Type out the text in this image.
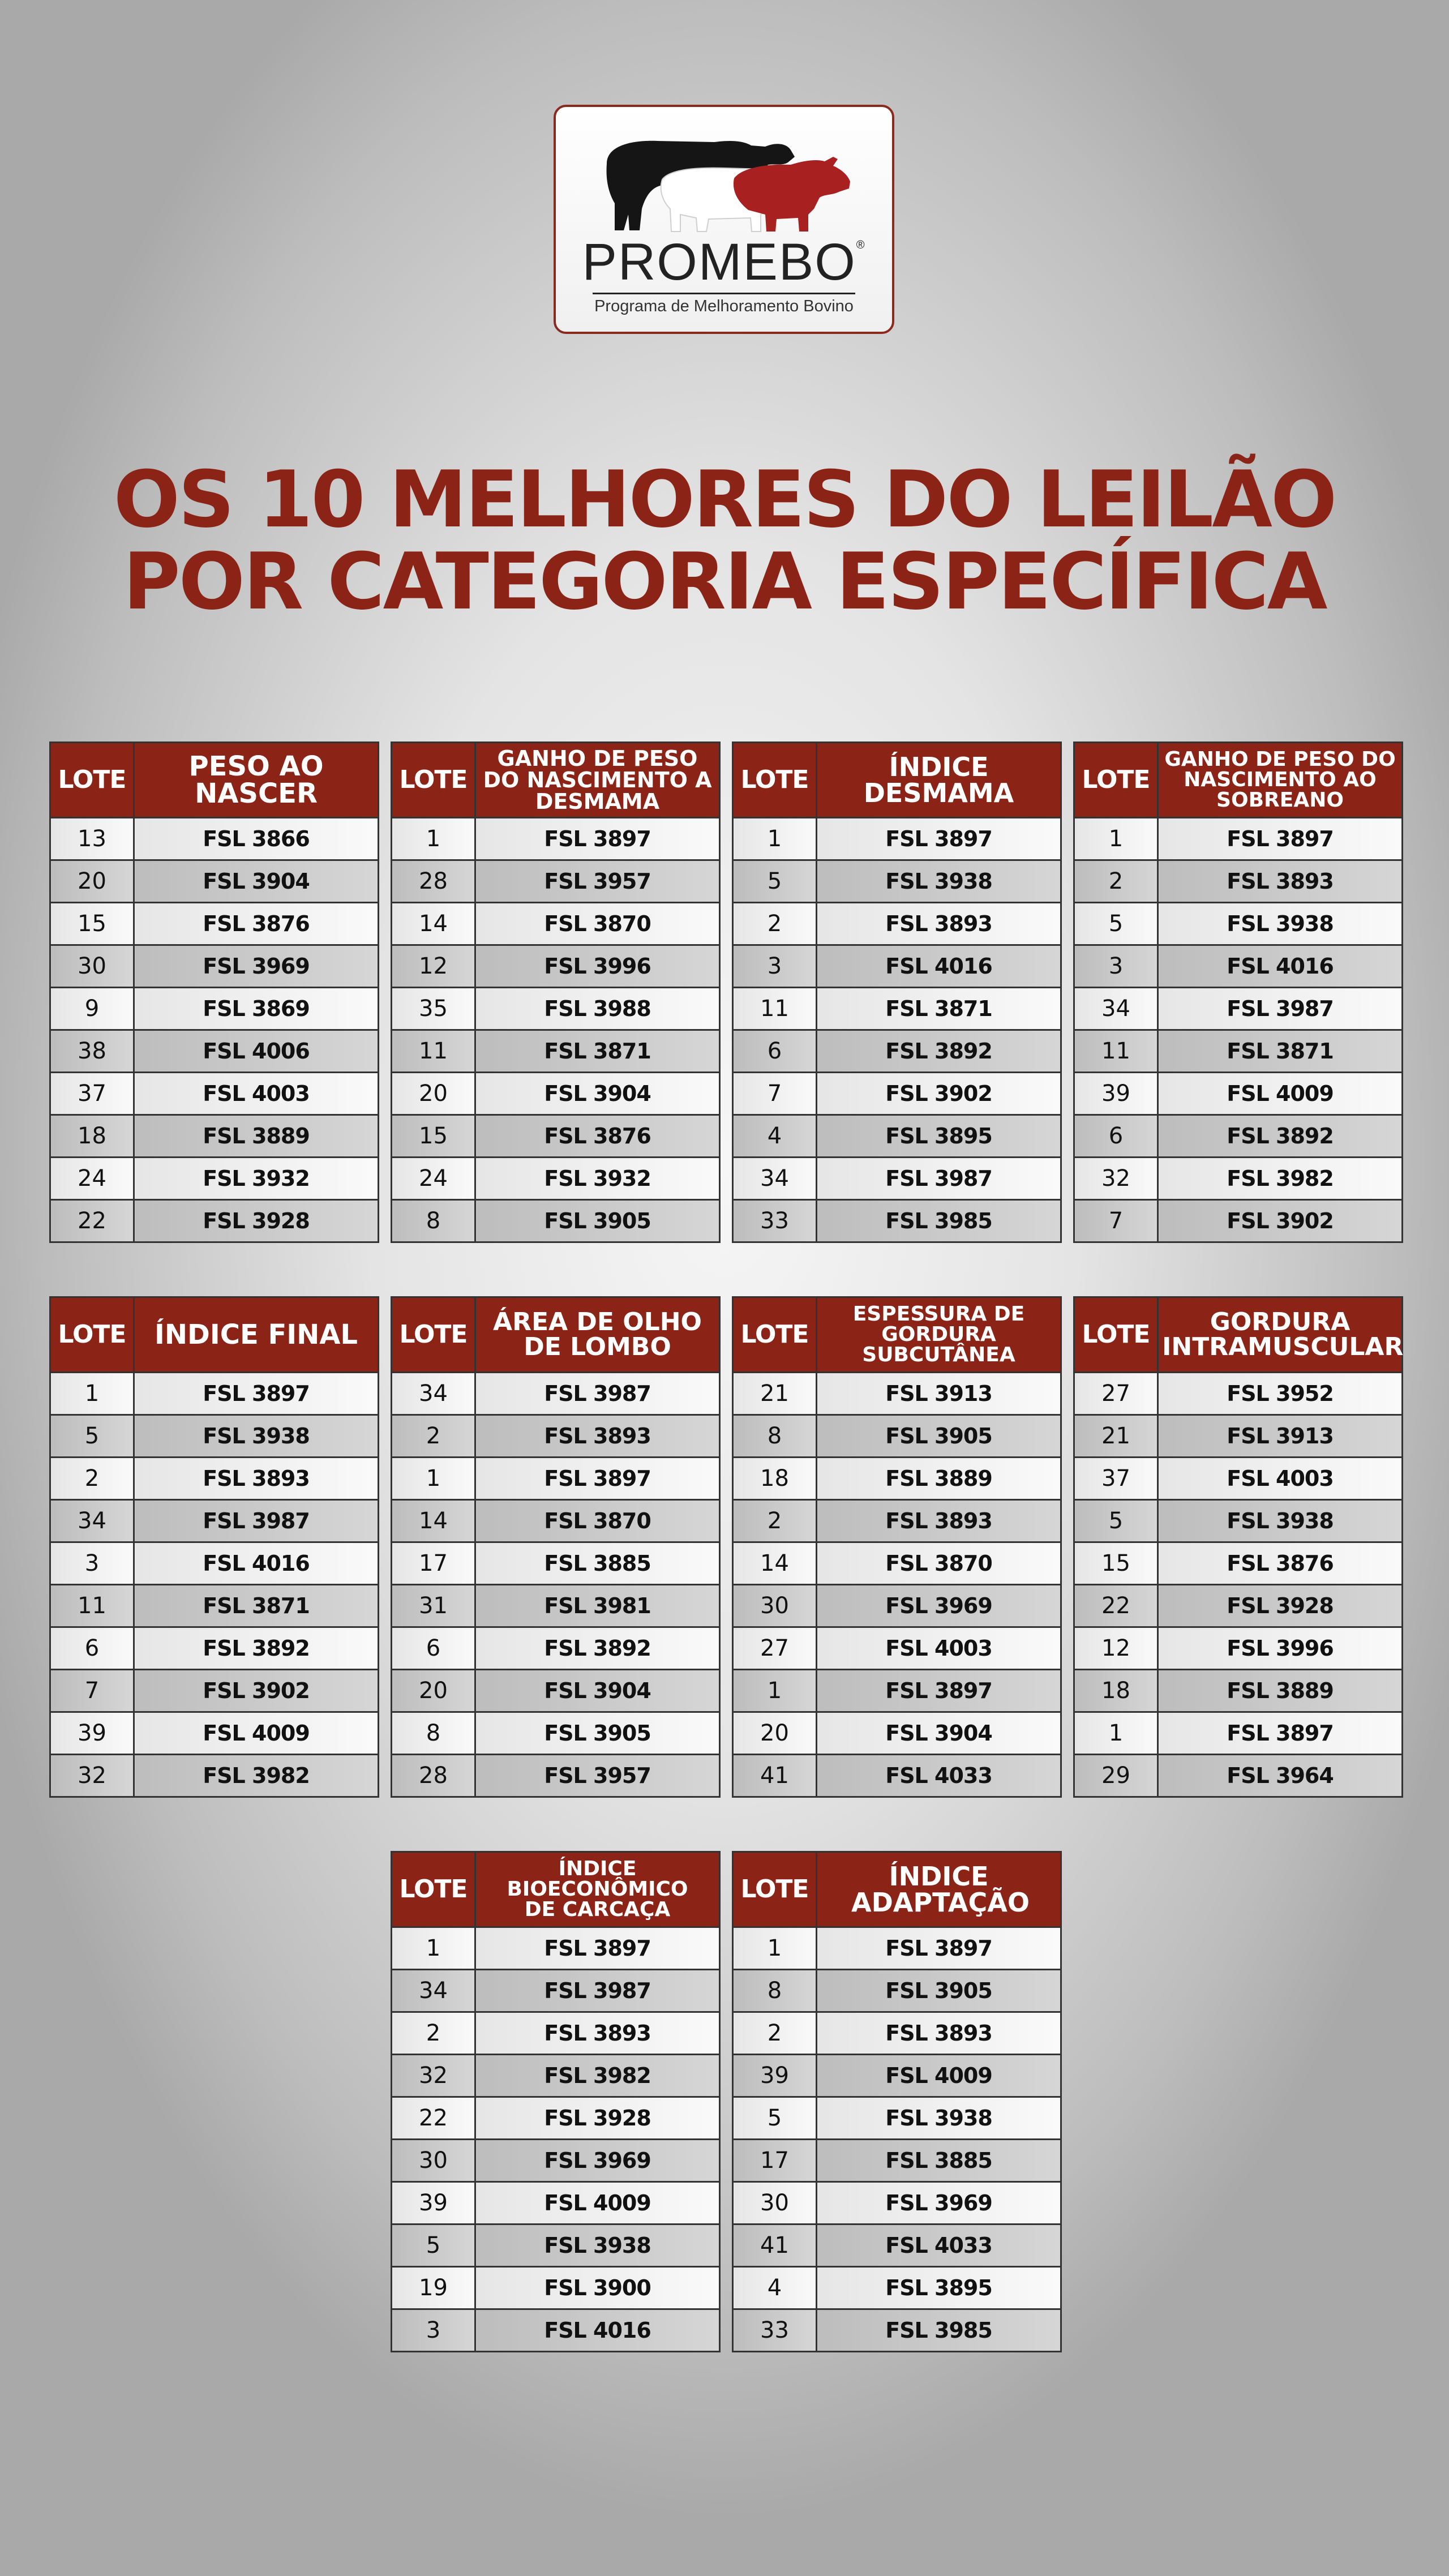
PROMEBO®
Programa de Melhoramento Bovino
OS 10 MELHORES DO LEILÃO
POR CATEGORIA ESPECÍFICA
LOTE	PESO AO NASCER
13	FSL 3866
20	FSL 3904
15	FSL 3876
30	FSL 3969
9	FSL 3869
38	FSL 4006
37	FSL 4003
18	FSL 3889
24	FSL 3932
22	FSL 3928
LOTE	GANHO DE PESO DO NASCIMENTO A DESMAMA
1	FSL 3897
28	FSL 3957
14	FSL 3870
12	FSL 3996
35	FSL 3988
11	FSL 3871
20	FSL 3904
15	FSL 3876
24	FSL 3932
8	FSL 3905
LOTE	ÍNDICE DESMAMA
1	FSL 3897
5	FSL 3938
2	FSL 3893
3	FSL 4016
11	FSL 3871
6	FSL 3892
7	FSL 3902
4	FSL 3895
34	FSL 3987
33	FSL 3985
LOTE	GANHO DE PESO DO NASCIMENTO AO SOBREANO
1	FSL 3897
2	FSL 3893
5	FSL 3938
3	FSL 4016
34	FSL 3987
11	FSL 3871
39	FSL 4009
6	FSL 3892
32	FSL 3982
7	FSL 3902
LOTE	ÍNDICE FINAL
1	FSL 3897
5	FSL 3938
2	FSL 3893
34	FSL 3987
3	FSL 4016
11	FSL 3871
6	FSL 3892
7	FSL 3902
39	FSL 4009
32	FSL 3982
LOTE	ÁREA DE OLHO DE LOMBO
34	FSL 3987
2	FSL 3893
1	FSL 3897
14	FSL 3870
17	FSL 3885
31	FSL 3981
6	FSL 3892
20	FSL 3904
8	FSL 3905
28	FSL 3957
LOTE	ESPESSURA DE GORDURA SUBCUTÂNEA
21	FSL 3913
8	FSL 3905
18	FSL 3889
2	FSL 3893
14	FSL 3870
30	FSL 3969
27	FSL 4003
1	FSL 3897
20	FSL 3904
41	FSL 4033
LOTE	GORDURA INTRAMUSCULAR
27	FSL 3952
21	FSL 3913
37	FSL 4003
5	FSL 3938
15	FSL 3876
22	FSL 3928
12	FSL 3996
18	FSL 3889
1	FSL 3897
29	FSL 3964
LOTE	ÍNDICE BIOECONÔMICO DE CARCAÇA
1	FSL 3897
34	FSL 3987
2	FSL 3893
32	FSL 3982
22	FSL 3928
30	FSL 3969
39	FSL 4009
5	FSL 3938
19	FSL 3900
3	FSL 4016
LOTE	ÍNDICE ADAPTAÇÃO
1	FSL 3897
8	FSL 3905
2	FSL 3893
39	FSL 4009
5	FSL 3938
17	FSL 3885
30	FSL 3969
41	FSL 4033
4	FSL 3895
33	FSL 3985
